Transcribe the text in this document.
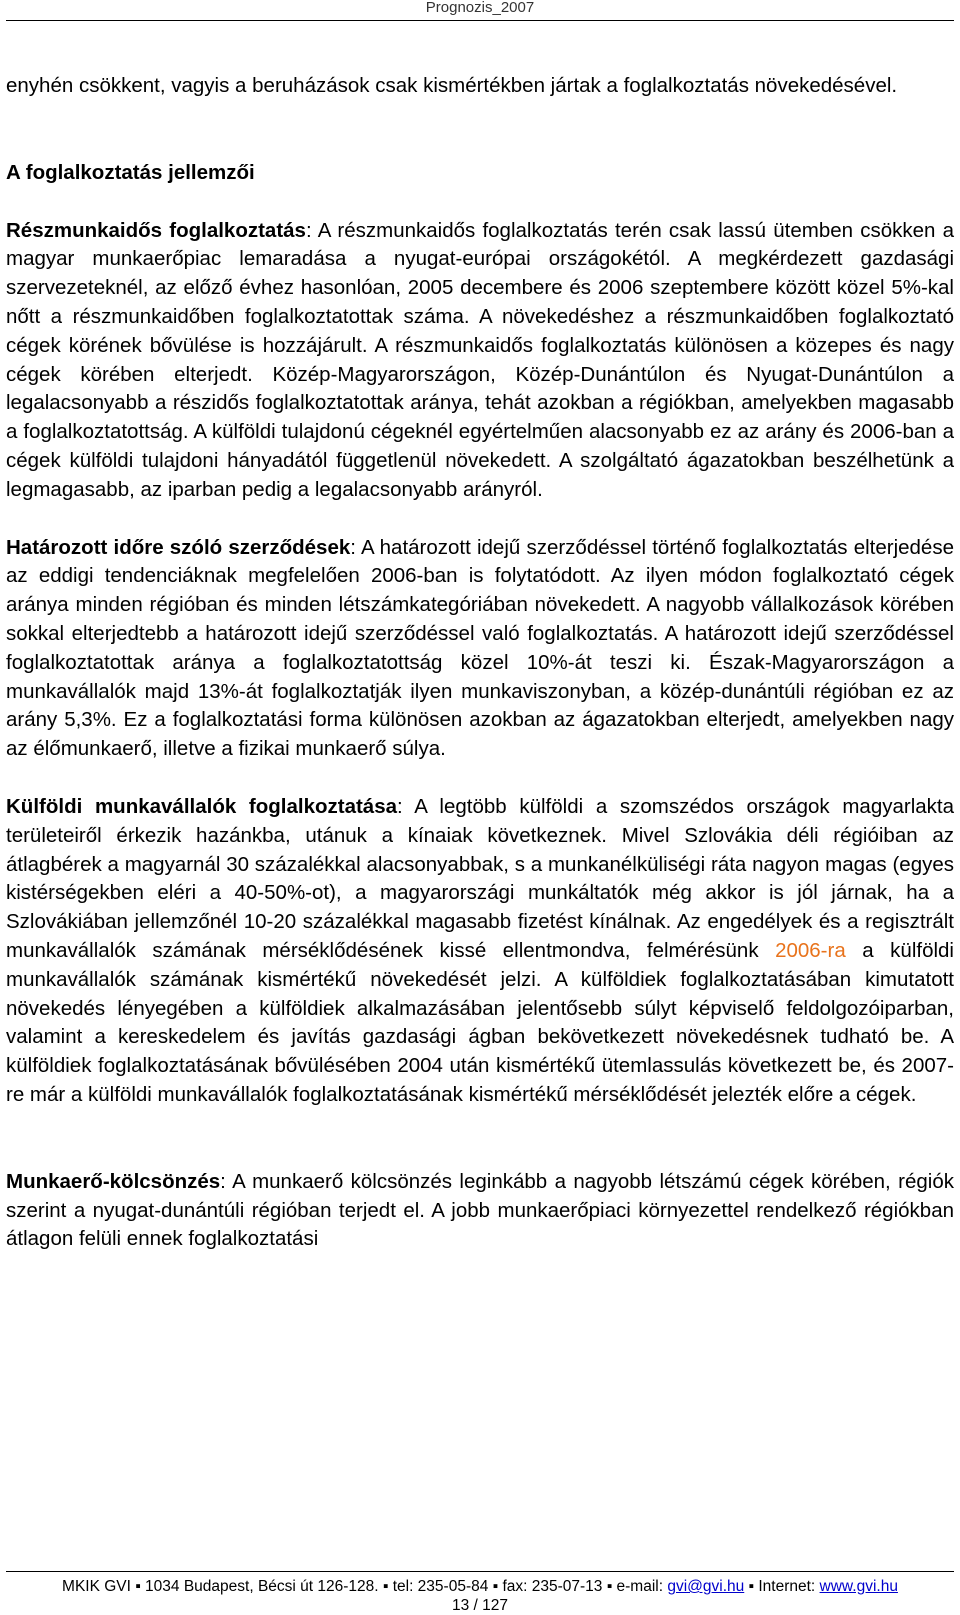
Prognozis_2007

enyhén csökkent, vagyis a beruházások csak kismértékben jártak a foglalkoztatás növekedésével.

A foglalkoztatás jellemzői

Részmunkaidős foglalkoztatás: A részmunkaidős foglalkoztatás terén csak lassú ütemben csökken a magyar munkaerőpiac lemaradása a nyugat-európai országokétól. A megkérdezett gazdasági szervezeteknél, az előző évhez hasonlóan, 2005 decembere és 2006 szeptembere között közel 5%-kal nőtt a részmunkaidőben foglalkoztatottak száma. A növekedéshez a részmunkaidőben foglalkoztató cégek körének bővülése is hozzájárult. A részmunkaidős foglalkoztatás különösen a közepes és nagy cégek körében elterjedt. Közép-Magyarországon, Közép-Dunántúlon és Nyugat-Dunántúlon a legalacsonyabb a részidős foglalkoztatottak aránya, tehát azokban a régiókban, amelyekben magasabb a foglalkoztatottság. A külföldi tulajdonú cégeknél egyértelműen alacsonyabb ez az arány és 2006-ban a cégek külföldi tulajdoni hányadától függetlenül növekedett. A szolgáltató ágazatokban beszélhetünk a legmagasabb, az iparban pedig a legalacsonyabb arányról.

Határozott időre szóló szerződések: A határozott idejű szerződéssel történő foglalkoztatás elterjedése az eddigi tendenciáknak megfelelően 2006-ban is folytatódott. Az ilyen módon foglalkoztató cégek aránya minden régióban és minden létszámkategóriában növekedett. A nagyobb vállalkozások körében sokkal elterjedtebb a határozott idejű szerződéssel való foglalkoztatás. A határozott idejű szerződéssel foglalkoztatottak aránya a foglalkoztatottság közel 10%-át teszi ki. Észak-Magyarországon a munkavállalók majd 13%-át foglalkoztatják ilyen munkaviszonyban, a közép-dunántúli régióban ez az arány 5,3%. Ez a foglalkoztatási forma különösen azokban az ágazatokban elterjedt, amelyekben nagy az élőmunkaerő, illetve a fizikai munkaerő súlya.

Külföldi munkavállalók foglalkoztatása: A legtöbb külföldi a szomszédos országok magyarlakta területeiről érkezik hazánkba, utánuk a kínaiak következnek. Mivel Szlovákia déli régióiban az átlagbérek a magyarnál 30 százalékkal alacsonyabbak, s a munkanélküliségi ráta nagyon magas (egyes kistérségekben eléri a 40-50%-ot), a magyarországi munkáltatók még akkor is jól járnak, ha a Szlovákiában jellemzőnél 10-20 százalékkal magasabb fizetést kínálnak. Az engedélyek és a regisztrált munkavállalók számának mérséklődésének kissé ellentmondva, felmérésünk 2006-ra a külföldi munkavállalók számának kismértékű növekedését jelzi. A külföldiek foglalkoztatásában kimutatott növekedés lényegében a külföldiek alkalmazásában jelentősebb súlyt képviselő feldolgozóiparban, valamint a kereskedelem és javítás gazdasági ágban bekövetkezett növekedésnek tudható be. A külföldiek foglalkoztatásának bővülésében 2004 után kismértékű ütemlassulás következett be, és 2007-re már a külföldi munkavállalók foglalkoztatásának kismértékű mérséklődését jelezték előre a cégek.

Munkaerő-kölcsönzés: A munkaerő kölcsönzés leginkább a nagyobb létszámú cégek körében, régiók szerint a nyugat-dunántúli régióban terjedt el. A jobb munkaerőpiaci környezettel rendelkező régiókban átlagon felüli ennek foglalkoztatási

MKIK GVI ▪ 1034 Budapest, Bécsi út 126-128. ▪ tel: 235-05-84 ▪ fax: 235-07-13 ▪ e-mail: gvi@gvi.hu ▪ Internet: www.gvi.hu
13 / 127
